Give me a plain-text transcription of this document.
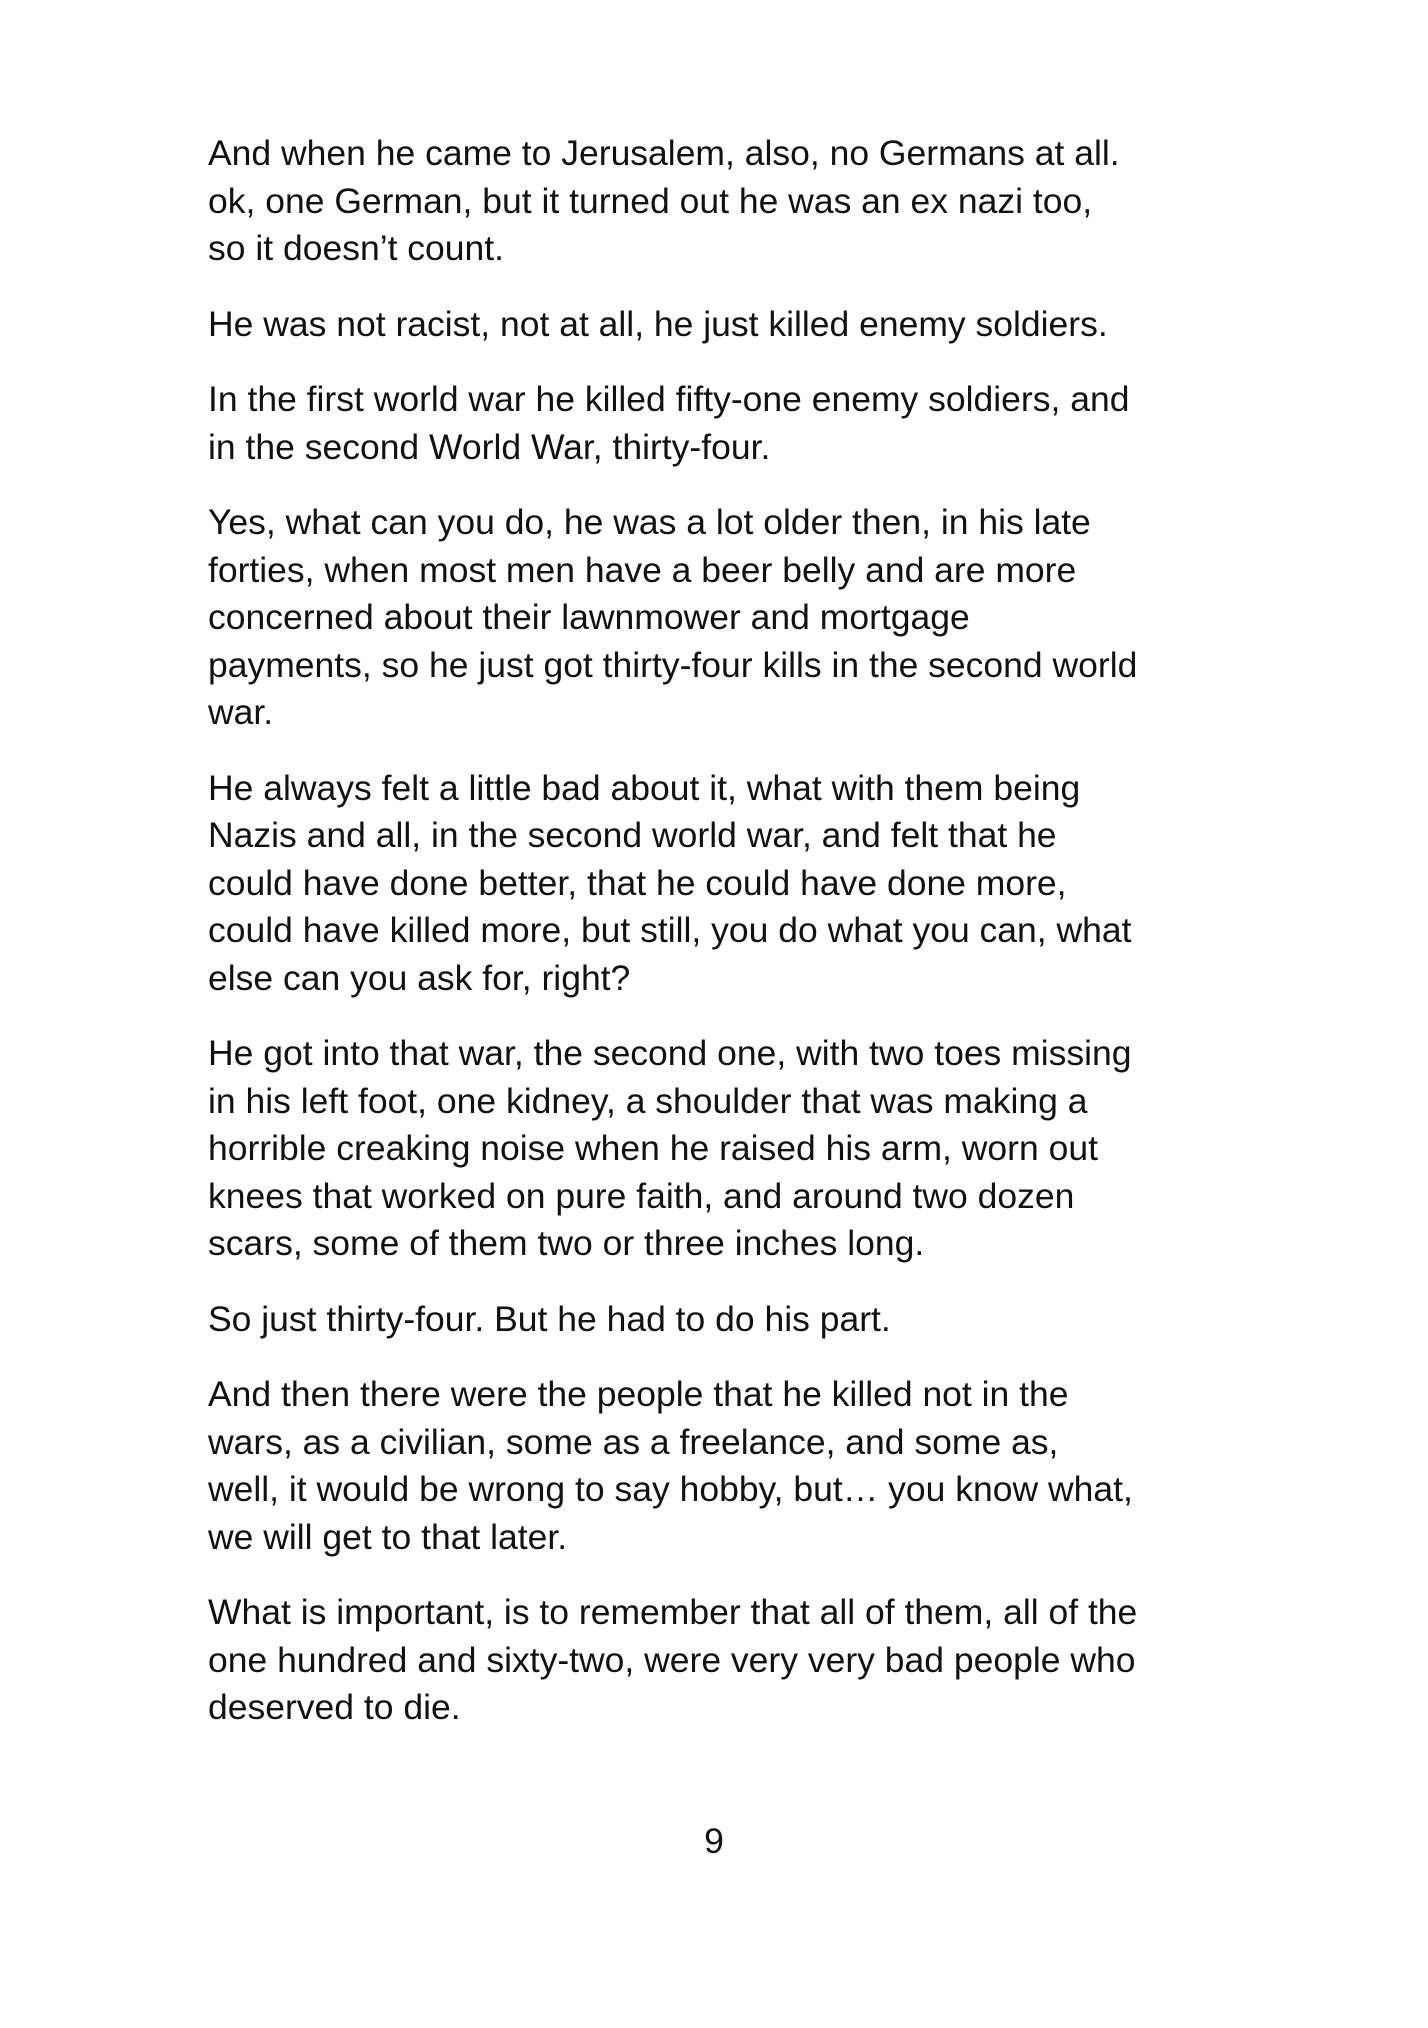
And when he came to Jerusalem, also, no Germans at all.
ok, one German, but it turned out he was an ex nazi too,
so it doesn’t count.

He was not racist, not at all, he just killed enemy soldiers.

In the first world war he killed fifty-one enemy soldiers, and
in the second World War, thirty-four.

Yes, what can you do, he was a lot older then, in his late
forties, when most men have a beer belly and are more
concerned about their lawnmower and mortgage
payments, so he just got thirty-four kills in the second world
war.

He always felt a little bad about it, what with them being
Nazis and all, in the second world war, and felt that he
could have done better, that he could have done more,
could have killed more, but still, you do what you can, what
else can you ask for, right?

He got into that war, the second one, with two toes missing
in his left foot, one kidney, a shoulder that was making a
horrible creaking noise when he raised his arm, worn out
knees that worked on pure faith, and around two dozen
scars, some of them two or three inches long.

So just thirty-four. But he had to do his part.

And then there were the people that he killed not in the
wars, as a civilian, some as a freelance, and some as,
well, it would be wrong to say hobby, but… you know what,
we will get to that later.

What is important, is to remember that all of them, all of the
one hundred and sixty-two, were very very bad people who
deserved to die.

9
